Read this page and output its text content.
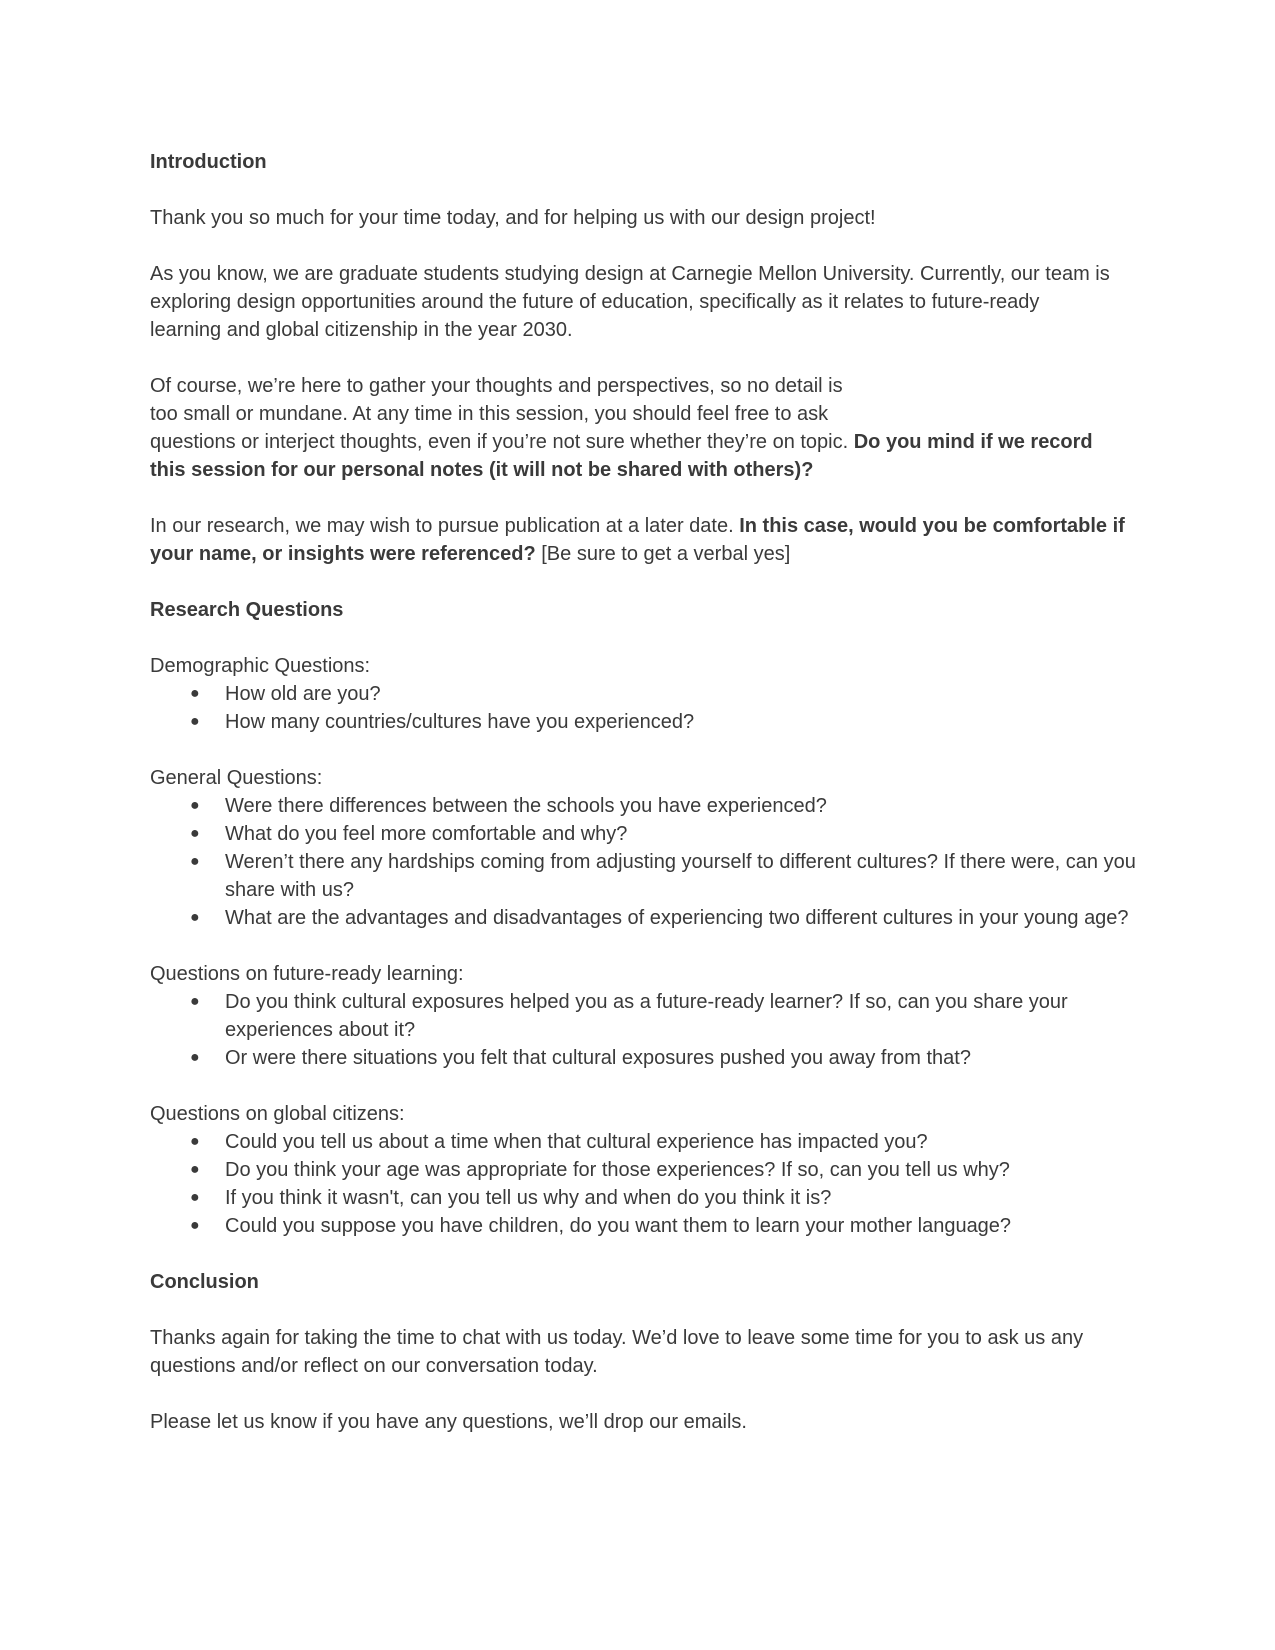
Introduction

Thank you so much for your time today, and for helping us with our design project!

As you know, we are graduate students studying design at Carnegie Mellon University. Currently, our team is
exploring design opportunities around the future of education, specifically as it relates to future-ready
learning and global citizenship in the year 2030.
Of course, we’re here to gather your thoughts and perspectives, so no detail is
too small or mundane. At any time in this session, you should feel free to ask
questions or interject thoughts, even if you’re not sure whether they’re on topic. Do you mind if we record
this session for our personal notes (it will not be shared with others)?
In our research, we may wish to pursue publication at a later date. In this case, would you be comfortable if
your name, or insights were referenced? [Be sure to get a verbal yes]

Research Questions

Demographic Questions:

● How old are you?
● How many countries/cultures have you experienced?

General Questions:

● Were there differences between the schools you have experienced?
● What do you feel more comfortable and why?
● Weren’t there any hardships coming from adjusting yourself to different cultures? If there were, can you share with us?
● What are the advantages and disadvantages of experiencing two different cultures in your young age?

Questions on future-ready learning:

● Do you think cultural exposures helped you as a future-ready learner? If so, can you share your experiences about it?
● Or were there situations you felt that cultural exposures pushed you away from that?

Questions on global citizens:

● Could you tell us about a time when that cultural experience has impacted you?
● Do you think your age was appropriate for those experiences? If so, can you tell us why?
● If you think it wasn't, can you tell us why and when do you think it is?
● Could you suppose you have children, do you want them to learn your mother language?

Conclusion

Thanks again for taking the time to chat with us today. We’d love to leave some time for you to ask us any
questions and/or reflect on our conversation today.

Please let us know if you have any questions, we’ll drop our emails.
